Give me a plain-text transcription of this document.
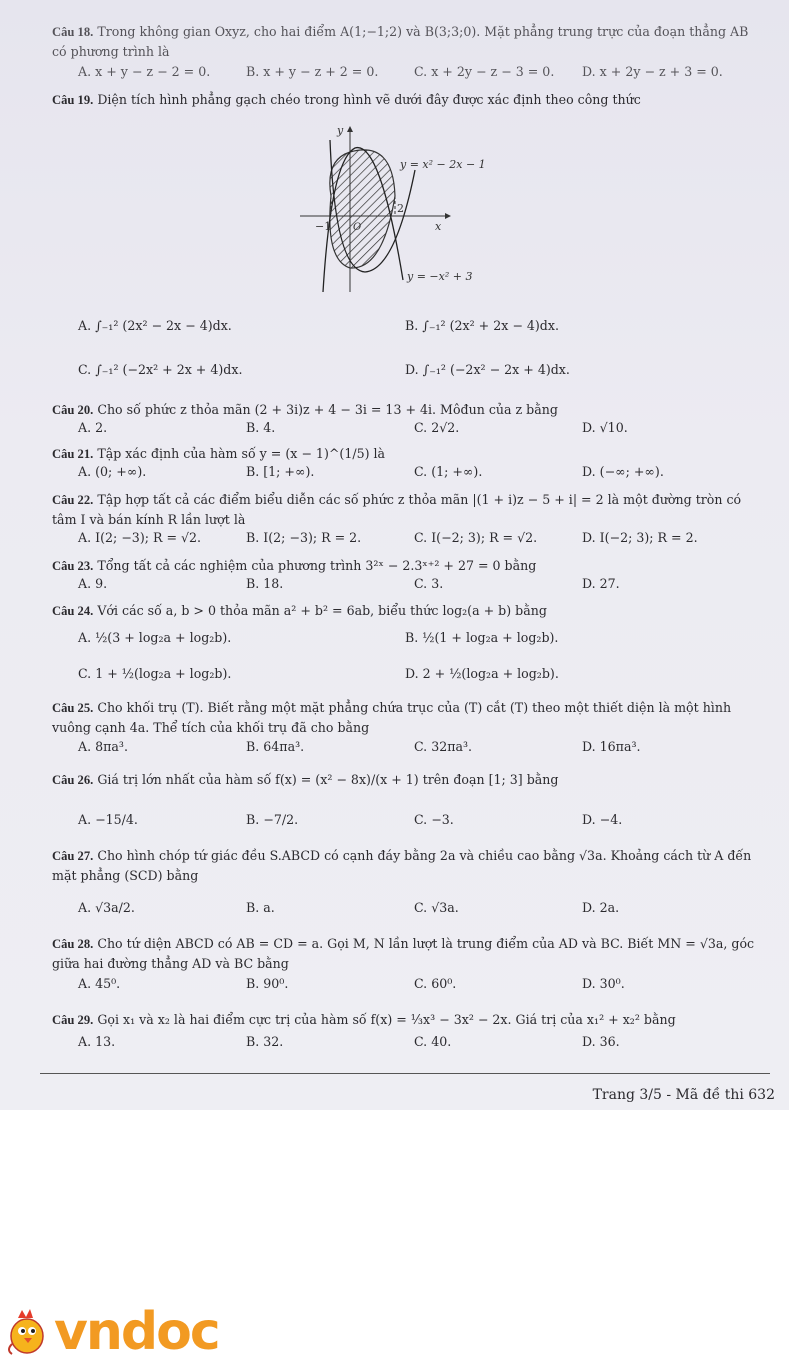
Câu 18. Trong không gian Oxyz, cho hai điểm A(1;−1;2) và B(3;3;0). Mặt phẳng trung trực của đoạn thẳng AB có phương trình là
A. x + y − z − 2 = 0.	B. x + y − z + 2 = 0.	C. x + 2y − z − 3 = 0.	D. x + 2y − z + 3 = 0.
Câu 19. Diện tích hình phẳng gạch chéo trong hình vẽ dưới đây được xác định theo công thức
y
x
−1
2
O
y = x² − 2x − 1
y = −x² + 3
A. ∫₋₁² (2x² − 2x − 4)dx.	B. ∫₋₁² (2x² + 2x − 4)dx.
C. ∫₋₁² (−2x² + 2x + 4)dx.	D. ∫₋₁² (−2x² − 2x + 4)dx.
Câu 20. Cho số phức z thỏa mãn (2 + 3i)z + 4 − 3i = 13 + 4i. Môđun của z bằng
A. 2.	B. 4.	C. 2√2.	D. √10.
Câu 21. Tập xác định của hàm số y = (x − 1)^(1/5) là
A. (0; +∞).	B. [1; +∞).	C. (1; +∞).	D. (−∞; +∞).
Câu 22. Tập hợp tất cả các điểm biểu diễn các số phức z thỏa mãn |(1 + i)z − 5 + i| = 2 là một đường tròn có tâm I và bán kính R lần lượt là
A. I(2; −3); R = √2.	B. I(2; −3); R = 2.	C. I(−2; 3); R = √2.	D. I(−2; 3); R = 2.
Câu 23. Tổng tất cả các nghiệm của phương trình 3²ˣ − 2.3ˣ⁺² + 27 = 0 bằng
A. 9.	B. 18.	C. 3.	D. 27.
Câu 24. Với các số a, b > 0 thỏa mãn a² + b² = 6ab, biểu thức log₂(a + b) bằng
A. ½(3 + log₂a + log₂b).	B. ½(1 + log₂a + log₂b).
C. 1 + ½(log₂a + log₂b).	D. 2 + ½(log₂a + log₂b).
Câu 25. Cho khối trụ (T). Biết rằng một mặt phẳng chứa trục của (T) cắt (T) theo một thiết diện là một hình vuông cạnh 4a. Thể tích của khối trụ đã cho bằng
A. 8πa³.	B. 64πa³.	C. 32πa³.	D. 16πa³.
Câu 26. Giá trị lớn nhất của hàm số f(x) = (x² − 8x)/(x + 1) trên đoạn [1; 3] bằng
A. −15/4.	B. −7/2.	C. −3.	D. −4.
Câu 27. Cho hình chóp tứ giác đều S.ABCD có cạnh đáy bằng 2a và chiều cao bằng √3a. Khoảng cách từ A đến mặt phẳng (SCD) bằng
A. √3a/2.	B. a.	C. √3a.	D. 2a.
Câu 28. Cho tứ diện ABCD có AB = CD = a. Gọi M, N lần lượt là trung điểm của AD và BC. Biết MN = √3a, góc giữa hai đường thẳng AD và BC bằng
A. 45⁰.	B. 90⁰.	C. 60⁰.	D. 30⁰.
Câu 29. Gọi x₁ và x₂ là hai điểm cực trị của hàm số f(x) = ⅓x³ − 3x² − 2x. Giá trị của x₁² + x₂² bằng
A. 13.	B. 32.	C. 40.	D. 36.
Trang 3/5 - Mã đề thi 632
vndoc
